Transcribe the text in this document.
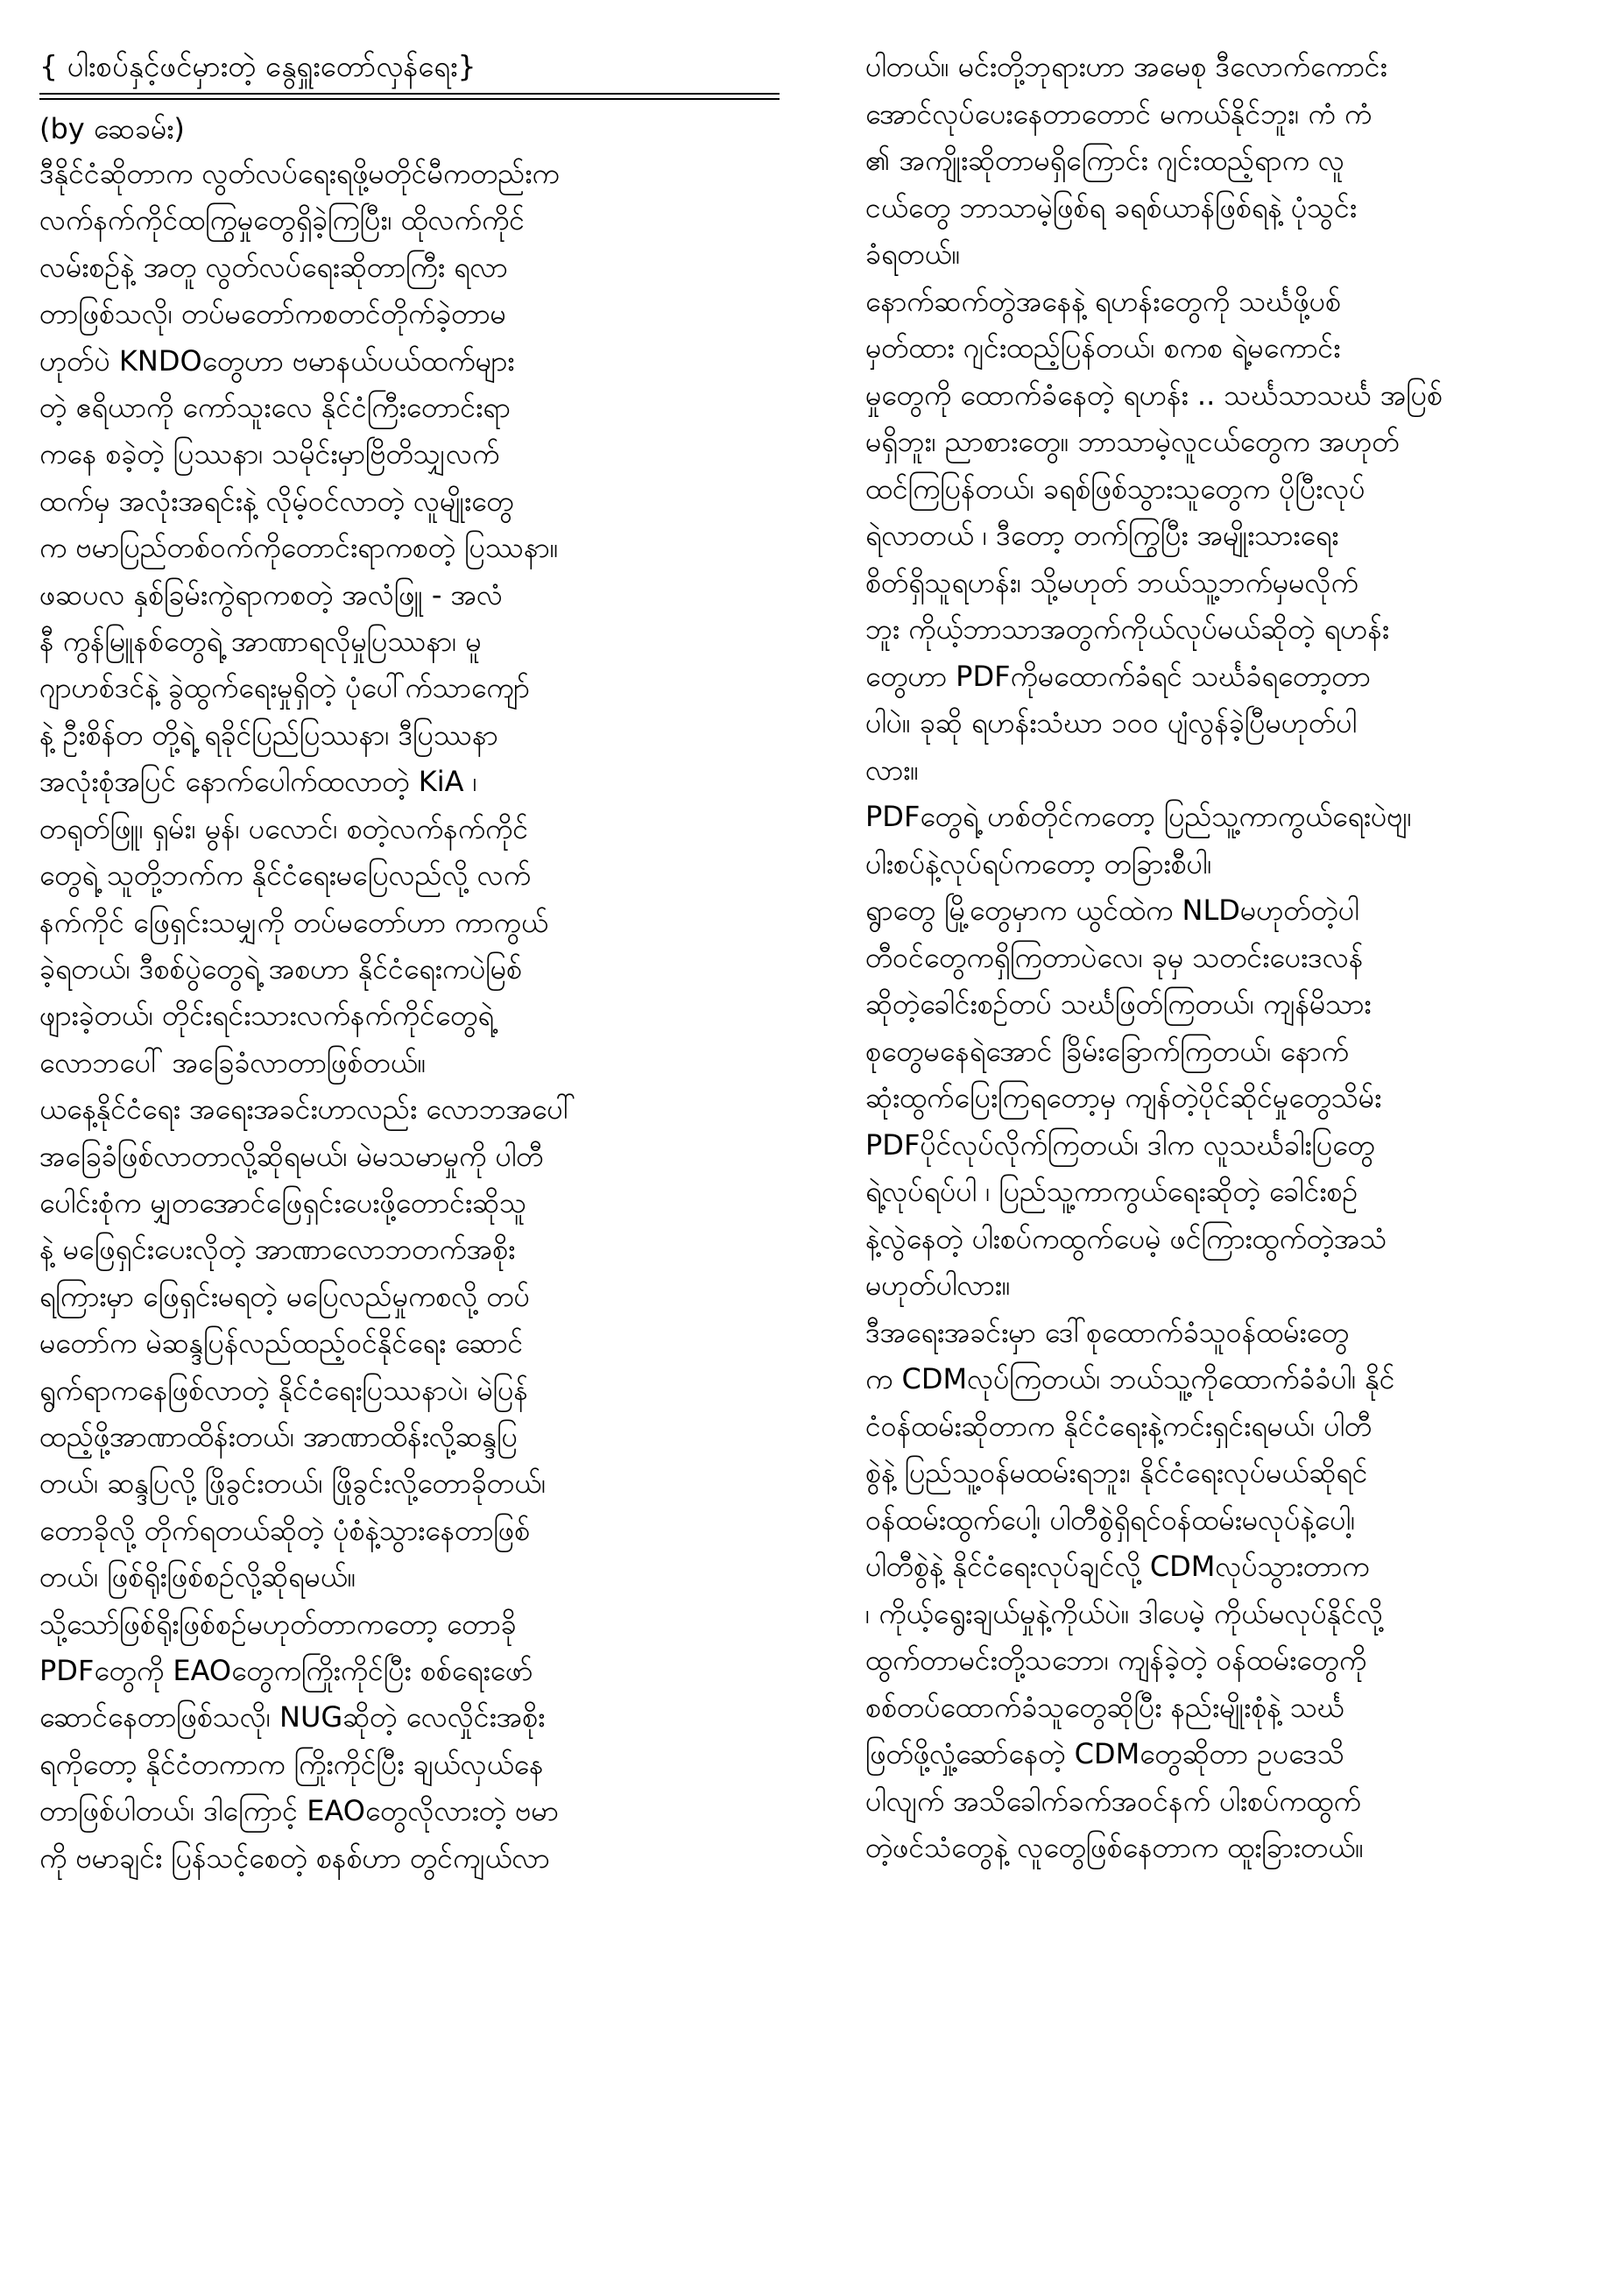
{ ပါးစပ်နှင့်ဖင်မှားတဲ့ နွေရှူးတော်လှန်ရေး}
(by ဆေခမ်း)
ဒီနိုင်ငံဆိုတာက လွတ်လပ်ရေးရဖို့မတိုင်မီကတည်းက
လက်နက်ကိုင်ထကြွမှုတွေရှိခဲ့ကြပြီး၊ ထိုလက်ကိုင်
လမ်းစဥ်နဲ့ အတူ လွတ်လပ်ရေးဆိုတာကြီး ရလာ
တာဖြစ်သလို၊ တပ်မတော်ကစတင်တိုက်ခဲ့တာမ
ဟုတ်ပဲ KNDOတွေဟာ ဗမာနယ်ပယ်ထက်များ
တဲ့ ဧရိယာကို ကော်သူးလေ နိုင်ငံကြီးတောင်းရာ
ကနေ စခဲ့တဲ့ ပြဿနာ၊ သမိုင်းမှာဗြိတိသျှလက်
ထက်မှ အလုံးအရင်းနဲ့ လိုမ့်ဝင်လာတဲ့ လူမျိုးတွေ
က ဗမာပြည်တစ်ဝက်ကိုတောင်းရာကစတဲ့ ပြဿနာ။
ဖဆပလ နှစ်ခြမ်းကွဲရာကစတဲ့ အလံဖြူ - အလံ
နီ ကွန်မြူနစ်တွေရဲ့ အာဏာရလိုမှုပြဿနာ၊ မူ
ဂျာဟစ်ဒင်နဲ့ ခွဲထွက်ရေးမှုရှိတဲ့ ပုံပေါ်က်သာကျော်
နဲ့ ဦးစိန်တ တို့ရဲ့ ရခိုင်ပြည်ပြဿနာ၊ ဒီပြဿနာ
အလုံးစုံအပြင် နောက်ပေါက်ထလာတဲ့ KiA ၊
တရုတ်ဖြူ၊ ရှမ်း၊ မွန်၊ ပလောင်၊ စတဲ့လက်နက်ကိုင်
တွေရဲ့ သူတို့ဘက်က နိုင်ငံရေးမပြေလည်လို့ လက်
နက်ကိုင် ဖြေရှင်းသမျှကို တပ်မတော်ဟာ ကာကွယ်
ခဲ့ရတယ်၊ ဒီစစ်ပွဲတွေရဲ့ အစဟာ နိုင်ငံရေးကပဲမြစ်
ဖျားခဲ့တယ်၊ တိုင်းရင်းသားလက်နက်ကိုင်တွေရဲ့
လောဘပေါ် အခြေခံလာတာဖြစ်တယ်။
ယနေ့နိုင်ငံရေး အရေးအခင်းဟာလည်း လောဘအပေါ်
အခြေခံဖြစ်လာတာလို့ဆိုရမယ်၊ မဲမသမာမှုကို ပါတီ
ပေါင်းစုံက မျှတအောင်ဖြေရှင်းပေးဖို့တောင်းဆိုသူ
နဲ့ မဖြေရှင်းပေးလိုတဲ့ အာဏာလောဘတက်အစိုး
ရကြားမှာ ဖြေရှင်းမရတဲ့ မပြေလည်မှုကစလို့ တပ်
မတော်က မဲဆန္ဒပြန်လည်ထည့်ဝင်နိုင်ရေး ဆောင်
ရွက်ရာကနေဖြစ်လာတဲ့ နိုင်ငံရေးပြဿနာပဲ၊ မဲပြန်
ထည့်ဖို့အာဏာထိန်းတယ်၊ အာဏာထိန်းလို့ဆန္ဒပြ
တယ်၊ ဆန္ဒပြလို့ ဖြိုခွင်းတယ်၊ ဖြိုခွင်းလို့တောခိုတယ်၊
တောခိုလို့ တိုက်ရတယ်ဆိုတဲ့ ပုံစံနဲ့သွားနေတာဖြစ်
တယ်၊ ဖြစ်ရိုးဖြစ်စဥ်လို့ဆိုရမယ်။
သို့သော်ဖြစ်ရိုးဖြစ်စဥ်မဟုတ်တာကတော့ တောခို
PDFတွေကို EAOတွေကကြိုးကိုင်ပြီး စစ်ရေးဖော်
ဆောင်နေတာဖြစ်သလို၊ NUGဆိုတဲ့ လေလှိုင်းအစိုး
ရကိုတော့ နိုင်ငံတကာက ကြိုးကိုင်ပြီး ချယ်လှယ်နေ
တာဖြစ်ပါတယ်၊ ဒါကြောင့် EAOတွေလိုလားတဲ့ ဗမာ
ကို ဗမာချင်း ပြန်သင့်စေတဲ့ စနစ်ဟာ တွင်ကျယ်လာ
ပါတယ်။ မင်းတို့ဘုရားဟာ အမေစု ဒီလောက်ကောင်း
အောင်လုပ်ပေးနေတာတောင် မကယ်နိုင်ဘူး၊ ကံ ကံ
၏ အကျိုးဆိုတာမရှိကြောင်း ဂျင်းထည့်ရာက လူ
ငယ်တွေ ဘာသာမဲ့ဖြစ်ရ ခရစ်ယာန်ဖြစ်ရနဲ့ ပုံသွင်း
ခံရတယ်။
နောက်ဆက်တွဲအနေနဲ့ ရဟန်းတွေကို သင်္ဃဖို့ပစ်
မှတ်ထား ဂျင်းထည့်ပြန်တယ်၊ စကစ ရဲ့မကောင်း
မှုတွေကို ထောက်ခံနေတဲ့ ရဟန်း .. သင်္ဃသာသင်္ဃ အပြစ်
မရှိဘူး၊ ညာစားတွေ။ ဘာသာမဲ့လူငယ်တွေက အဟုတ်
ထင်ကြပြန်တယ်၊ ခရစ်ဖြစ်သွားသူတွေက ပိုပြီးလုပ်
ရဲလာတယ် ၊ ဒီတော့ တက်ကြွပြီး အမျိုးသားရေး
စိတ်ရှိသူရဟန်း၊ သို့မဟုတ် ဘယ်သူ့ဘက်မှမလိုက်
ဘူး ကိုယ့်ဘာသာအတွက်ကိုယ်လုပ်မယ်ဆိုတဲ့ ရဟန်း
တွေဟာ PDFကိုမထောက်ခံရင် သင်္ဃခံရတော့တာ
ပါပဲ။ ခုဆို ရဟန်းသံဃာ ၁၀၀ ပျံလွန်ခဲ့ပြီမဟုတ်ပါ
လား။
PDFတွေရဲ့ ဟစ်တိုင်ကတော့ ပြည်သူ့ကာကွယ်ရေးပဲဗျ၊
ပါးစပ်နဲ့လုပ်ရပ်ကတော့ တခြားစီပါ၊
ရွာတွေ မြို့တွေမှာက ယွင်ထဲက NLDမဟုတ်တဲ့ပါ
တီဝင်တွေကရှိကြတာပဲလေ၊ ခုမှ သတင်းပေးဒလန်
ဆိုတဲ့ခေါင်းစဥ်တပ် သင်္ဃဖြတ်ကြတယ်၊ ကျန်မိသား
စုတွေမနေရဲအောင် ခြိမ်းခြောက်ကြတယ်၊ နောက်
ဆုံးထွက်ပြေးကြရတော့မှ ကျန်တဲ့ပိုင်ဆိုင်မှုတွေသိမ်း
PDFပိုင်လုပ်လိုက်ကြတယ်၊ ဒါက လူသင်္ဃခါးပြတွေ
ရဲ့လုပ်ရပ်ပါ ၊ ပြည်သူ့ကာကွယ်ရေးဆိုတဲ့ ခေါင်းစဥ်
နဲ့လွဲနေတဲ့ ပါးစပ်ကထွက်ပေမဲ့ ဖင်ကြားထွက်တဲ့အသံ
မဟုတ်ပါလား။
ဒီအရေးအခင်းမှာ ဒေါ်စုထောက်ခံသူဝန်ထမ်းတွေ
က CDMလုပ်ကြတယ်၊ ဘယ်သူ့ကိုထောက်ခံခံပါ၊ နိုင်
ငံဝန်ထမ်းဆိုတာက နိုင်ငံရေးနဲ့ကင်းရှင်းရမယ်၊ ပါတီ
စွဲနဲ့ ပြည်သူ့ဝန်မထမ်းရဘူး၊ နိုင်ငံရေးလုပ်မယ်ဆိုရင်
ဝန်ထမ်းထွက်ပေါ့၊ ပါတီစွဲရှိရင်ဝန်ထမ်းမလုပ်နဲ့ပေါ့၊
ပါတီစွဲနဲ့ နိုင်ငံရေးလုပ်ချင်လို့ CDMလုပ်သွားတာက
၊ ကိုယ့်ရွေးချယ်မှုနဲ့ကိုယ်ပဲ။ ဒါပေမဲ့ ကိုယ်မလုပ်နိုင်လို့
ထွက်တာမင်းတို့သဘော၊ ကျန်ခဲ့တဲ့ ဝန်ထမ်းတွေကို
စစ်တပ်ထောက်ခံသူတွေဆိုပြီး နည်းမျိုးစုံနဲ့ သင်္ဃ
ဖြတ်ဖို့လှုံ့ဆော်နေတဲ့ CDMတွေဆိုတာ ဥပဒေသိ
ပါလျက် အသိခေါက်ခက်အဝင်နက် ပါးစပ်ကထွက်
တဲ့ဖင်သံတွေနဲ့ လူတွေဖြစ်နေတာက ထူးခြားတယ်။
